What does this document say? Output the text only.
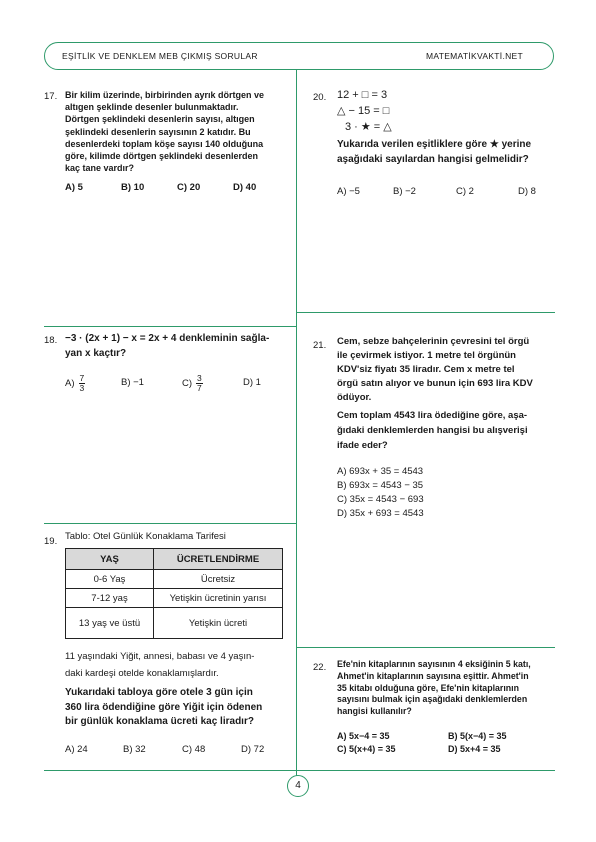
EŞİTLİK VE DENKLEM MEB ÇIKMIŞ SORULAR	MATEMATİKVAKTİ.NET
17. Bir kilim üzerinde, birbirinden ayrık dörtgen ve
altıgen şeklinde desenler bulunmaktadır.
Dörtgen şeklindeki desenlerin sayısı, altıgen
şeklindeki desenlerin sayısının 2 katıdır. Bu
desenlerdeki toplam köşe sayısı 140 olduğuna
göre, kilimde dörtgen şeklindeki desenlerden
kaç tane vardır?
A) 5	B) 10	C) 20	D) 40
18. −3 · (2x + 1) − x = 2x + 4 denkleminin sağla-
yan x kaçtır?
$A) \frac{7}{3}$	B) −1	$C) \frac{3}{7}$	D) 1
19. Tablo: Otel Günlük Konaklama Tarifesi
YAŞ	ÜCRETLENDİRME
0-6 Yaş	Ücretsiz
7-12 yaş	Yetişkin ücretinin yarısı
13 yaş ve üstü	Yetişkin ücreti
11 yaşındaki Yiğit, annesi, babası ve 4 yaşın-
daki kardeşi otelde konaklamışlardır.
Yukarıdaki tabloya göre otele 3 gün için
360 lira ödendiğine göre Yiğit için ödenen
bir günlük konaklama ücreti kaç liradır?
A) 24	B) 32	C) 48	D) 72
20. 12 + □ = 3
△ − 15 = □
3 · ★ = △
Yukarıda verilen eşitliklere göre ★ yerine
aşağıdaki sayılardan hangisi gelmelidir?
A) −5	B) −2	C) 2	D) 8
21. Cem, sebze bahçelerinin çevresini tel örgü
ile çevirmek istiyor. 1 metre tel örgünün
KDV'siz fiyatı 35 liradır. Cem x metre tel
örgü satın alıyor ve bunun için 693 lira KDV
ödüyor.
Cem toplam 4543 lira ödediğine göre, aşa-
ğıdaki denklemlerden hangisi bu alışverişi
ifade eder?
A) 693x + 35 = 4543
B) 693x = 4543 − 35
C) 35x = 4543 − 693
D) 35x + 693 = 4543
22. Efe'nin kitaplarının sayısının 4 eksiğinin 5 katı,
Ahmet'in kitaplarının sayısına eşittir. Ahmet'in
35 kitabı olduğuna göre, Efe'nin kitaplarının
sayısını bulmak için aşağıdaki denklemlerden
hangisi kullanılır?
A) 5x−4 = 35	B) 5(x−4) = 35
C) 5(x+4) = 35	D) 5x+4 = 35
4
